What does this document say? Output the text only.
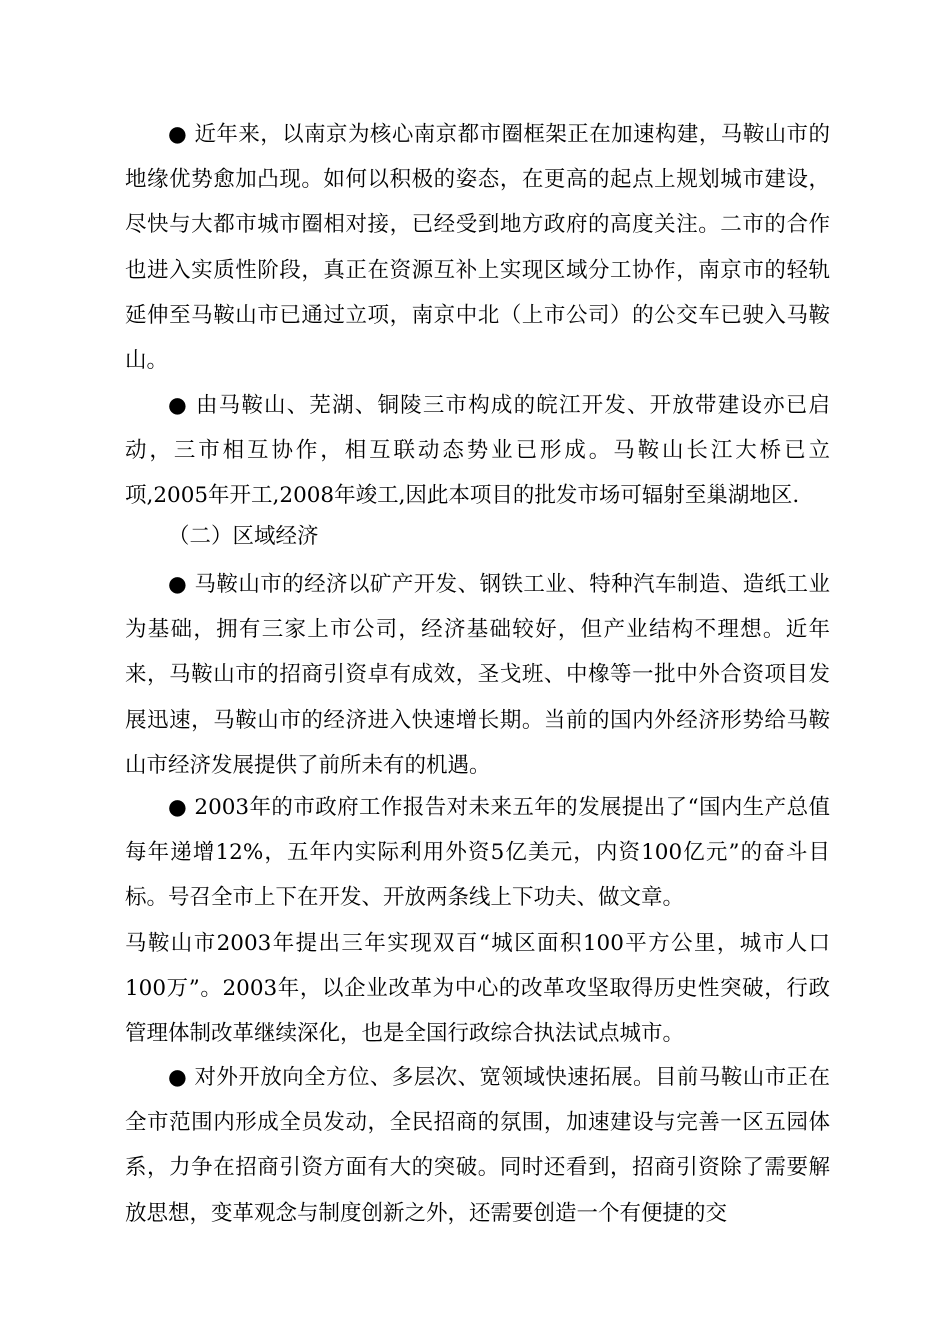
● 近年来，以南京为核心南京都市圈框架正在加速构建，马鞍山市的地缘优势愈加凸现。如何以积极的姿态，在更高的起点上规划城市建设，尽快与大都市城市圈相对接，已经受到地方政府的高度关注。二市的合作也进入实质性阶段，真正在资源互补上实现区域分工协作，南京市的轻轨延伸至马鞍山市已通过立项，南京中北（上市公司）的公交车已驶入马鞍山。

● 由马鞍山、芜湖、铜陵三市构成的皖江开发、开放带建设亦已启动，三市相互协作，相互联动态势业已形成。马鞍山长江大桥已立项,2005年开工,2008年竣工,因此本项目的批发市场可辐射至巢湖地区.

（二）区域经济

● 马鞍山市的经济以矿产开发、钢铁工业、特种汽车制造、造纸工业为基础，拥有三家上市公司，经济基础较好，但产业结构不理想。近年来，马鞍山市的招商引资卓有成效，圣戈班、中橡等一批中外合资项目发展迅速，马鞍山市的经济进入快速增长期。当前的国内外经济形势给马鞍山市经济发展提供了前所未有的机遇。

● 2003年的市政府工作报告对未来五年的发展提出了“国内生产总值每年递增12%，五年内实际利用外资5亿美元，内资100亿元”的奋斗目标。号召全市上下在开发、开放两条线上下功夫、做文章。

马鞍山市2003年提出三年实现双百“城区面积100平方公里，城市人口100万”。2003年，以企业改革为中心的改革攻坚取得历史性突破，行政管理体制改革继续深化，也是全国行政综合执法试点城市。

● 对外开放向全方位、多层次、宽领域快速拓展。目前马鞍山市正在全市范围内形成全员发动，全民招商的氛围，加速建设与完善一区五园体系，力争在招商引资方面有大的突破。同时还看到，招商引资除了需要解放思想，变革观念与制度创新之外，还需要创造一个有便捷的交
